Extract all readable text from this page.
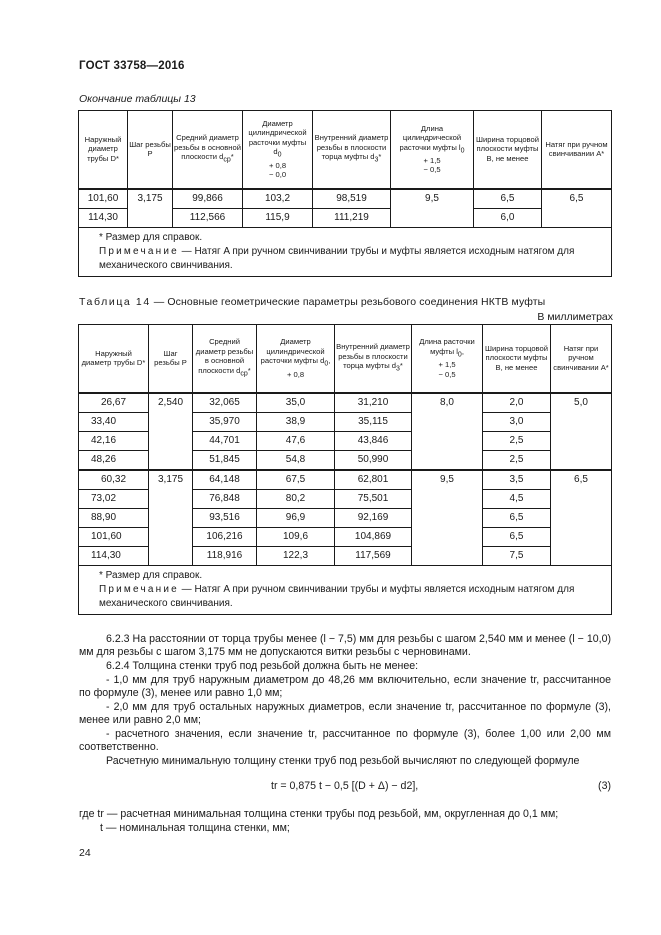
ГОСТ 33758—2016
Окончание таблицы 13
Наружный диаметр трубы D*	Шаг резьбы P	Средний диаметр резьбы в основной плоскости $d_{ср}*$	Диаметр цилиндрической расточки муфты $d_0$
+ 0,8
− 0,0	Внутренний диаметр резьбы в плоскости торца муфты $d_3*$	Длина цилиндрической расточки муфты $l_0$
+ 1,5
− 0,5	Ширина торцовой плоскости муфты B, не менее	Натяг при ручном свинчивании A*
101,60	3,175	99,866	103,2	98,519	9,5	6,5	6,5
114,30		112,566	115,9	111,219		6,0	

* Размер для справок.
Примечание — Натяг A при ручном свинчивании трубы и муфты является исходным натягом для механического свинчивания.							
Таблица 14 — Основные геометрические параметры резьбового соединения НКТВ муфты
В миллиметрах
Наружный диаметр трубы D*	Шаг резьбы P	Средний диаметр резьбы в основной плоскости $d_{ср}*$	Диаметр цилиндрической расточки муфты $d_0$,
+ 0,8	Внутренний диаметр резьбы в плоскости торца муфты $d_3*$	Длина расточки муфты $l_0$,
+ 1,5
− 0,5	Ширина торцовой плоскости муфты B, не менее	Натяг при ручном свинчивании A*
26,67	2,540	32,065	35,0	31,210	8,0	2,0	5,0
33,40		35,970	38,9	35,115		3,0	
42,16		44,701	47,6	43,846		2,5	
48,26		51,845	54,8	50,990		2,5	
60,32	3,175	64,148	67,5	62,801	9,5	3,5	6,5
73,02		76,848	80,2	75,501		4,5	
88,90		93,516	96,9	92,169		6,5	
101,60		106,216	109,6	104,869		6,5	
114,30		118,916	122,3	117,569		7,5	

* Размер для справок.
Примечание — Натяг A при ручном свинчивании трубы и муфты является исходным натягом для механического свинчивания.							
6.2.3 На расстоянии от торца трубы менее (l − 7,5) мм для резьбы с шагом 2,540 мм и менее (l − 10,0) мм для резьбы с шагом 3,175 мм не допускаются витки резьбы с черновинами.
6.2.4 Толщина стенки труб под резьбой должна быть не менее:
- 1,0 мм для труб наружным диаметром до 48,26 мм включительно, если значение tr, рассчитанное по формуле (3), менее или равно 1,0 мм;
- 2,0 мм для труб остальных наружных диаметров, если значение tr, рассчитанное по формуле (3), менее или равно 2,0 мм;
- расчетного значения, если значение tr, рассчитанное по формуле (3), более 1,00 или 2,00 мм соответственно.
Расчетную минимальную толщину стенки труб под резьбой вычисляют по следующей формуле
tr = 0,875 t − 0,5 [(D + Δ) − d2],	(3)
где tr — расчетная минимальная толщина стенки трубы под резьбой, мм, округленная до 0,1 мм;
t — номинальная толщина стенки, мм;
24
